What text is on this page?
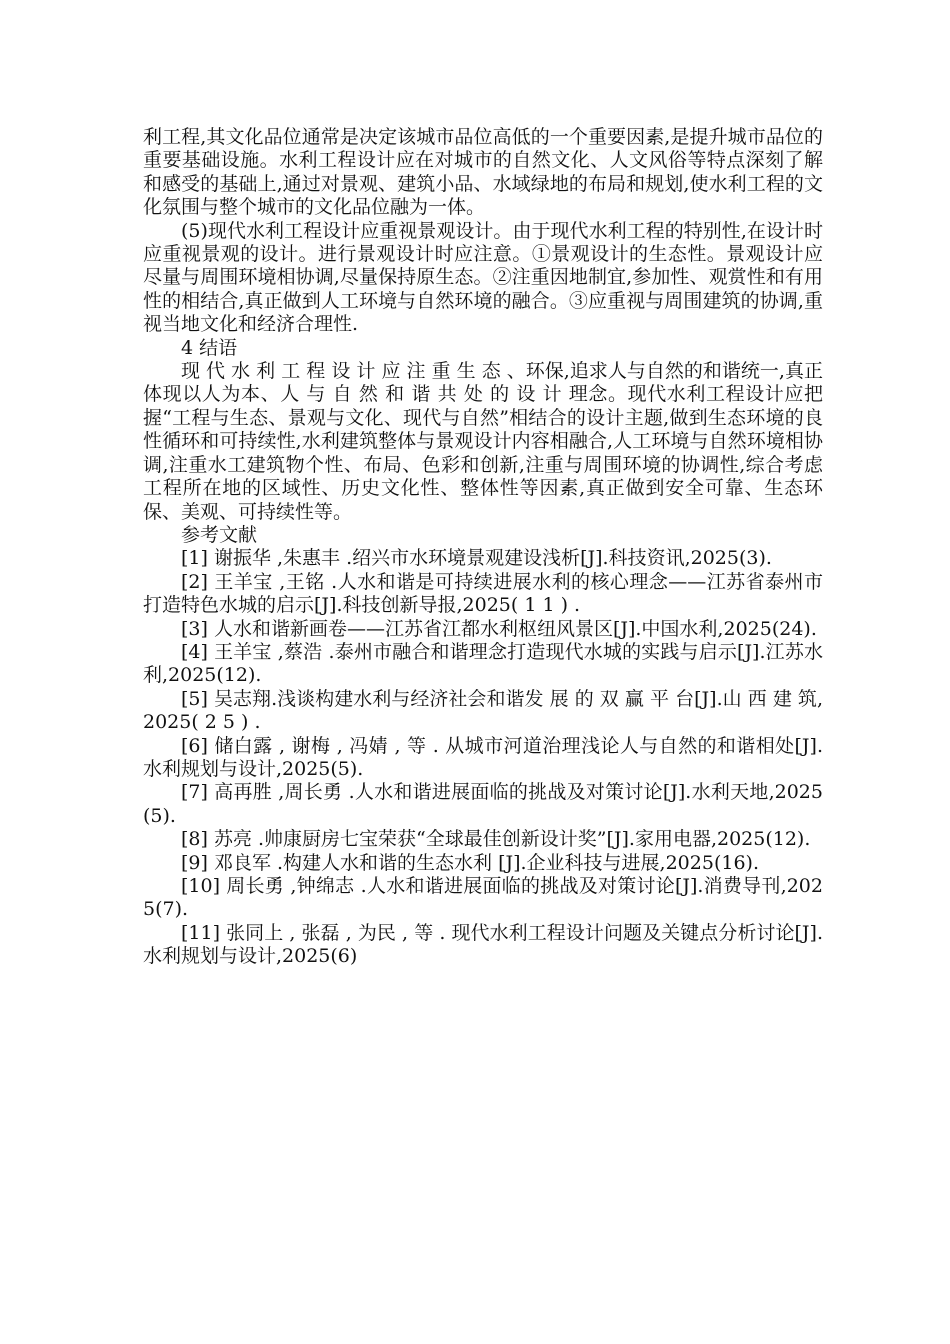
利工程,其文化品位通常是决定该城市品位高低的一个重要因素,是提升城市品位的重要基础设施。水利工程设计应在对城市的自然文化、人文风俗等特点深刻了解和感受的基础上,通过对景观、建筑小品、水域绿地的布局和规划,使水利工程的文化氛围与整个城市的文化品位融为一体。

(5)现代水利工程设计应重视景观设计。由于现代水利工程的特别性,在设计时应重视景观的设计。进行景观设计时应注意。①景观设计的生态性。景观设计应尽量与周围环境相协调,尽量保持原生态。②注重因地制宜,参加性、观赏性和有用性的相结合,真正做到人工环境与自然环境的融合。③应重视与周围建筑的协调,重视当地文化和经济合理性.

4 结语

现 代 水 利 工 程 设 计 应 注 重 生 态 、环保,追求人与自然的和谐统一,真正体现以人为本、人 与 自 然 和 谐 共 处 的 设 计 理念。现代水利工程设计应把握“工程与生态、景观与文化、现代与自然”相结合的设计主题,做到生态环境的良性循环和可持续性,水利建筑整体与景观设计内容相融合,人工环境与自然环境相协调,注重水工建筑物个性、布局、色彩和创新,注重与周围环境的协调性,综合考虑工程所在地的区域性、历史文化性、整体性等因素,真正做到安全可靠、生态环保、美观、可持续性等。

参考文献

[1] 谢振华 ,朱惠丰 .绍兴市水环境景观建设浅析[J].科技资讯,2025(3).

[2] 王羊宝 ,王铭 .人水和谐是可持续进展水利的核心理念——江苏省泰州市打造特色水城的启示[J].科技创新导报,2025( 1 1 ) .

[3] 人水和谐新画卷——江苏省江都水利枢纽风景区[J].中国水利,2025(24).

[4] 王羊宝 ,蔡浩 .泰州市融合和谐理念打造现代水城的实践与启示[J].江苏水利,2025(12).

[5] 吴志翔.浅谈构建水利与经济社会和谐发 展 的 双 赢 平 台[J].山 西 建 筑,2025( 2 5 ) .

[6] 储白露 , 谢梅 , 冯婧 , 等 . 从城市河道治理浅论人与自然的和谐相处[J].水利规划与设计,2025(5).

[7] 高再胜 ,周长勇 .人水和谐进展面临的挑战及对策讨论[J].水利天地,2025(5).

[8] 苏亮 .帅康厨房七宝荣获“全球最佳创新设计奖”[J].家用电器,2025(12).

[9] 邓良军 .构建人水和谐的生态水利 [J].企业科技与进展,2025(16).

[10] 周长勇 ,钟绵志 .人水和谐进展面临的挑战及对策讨论[J].消费导刊,2025(7).

[11] 张同上 , 张磊 , 为民 , 等 . 现代水利工程设计问题及关键点分析讨论[J].水利规划与设计,2025(6)
